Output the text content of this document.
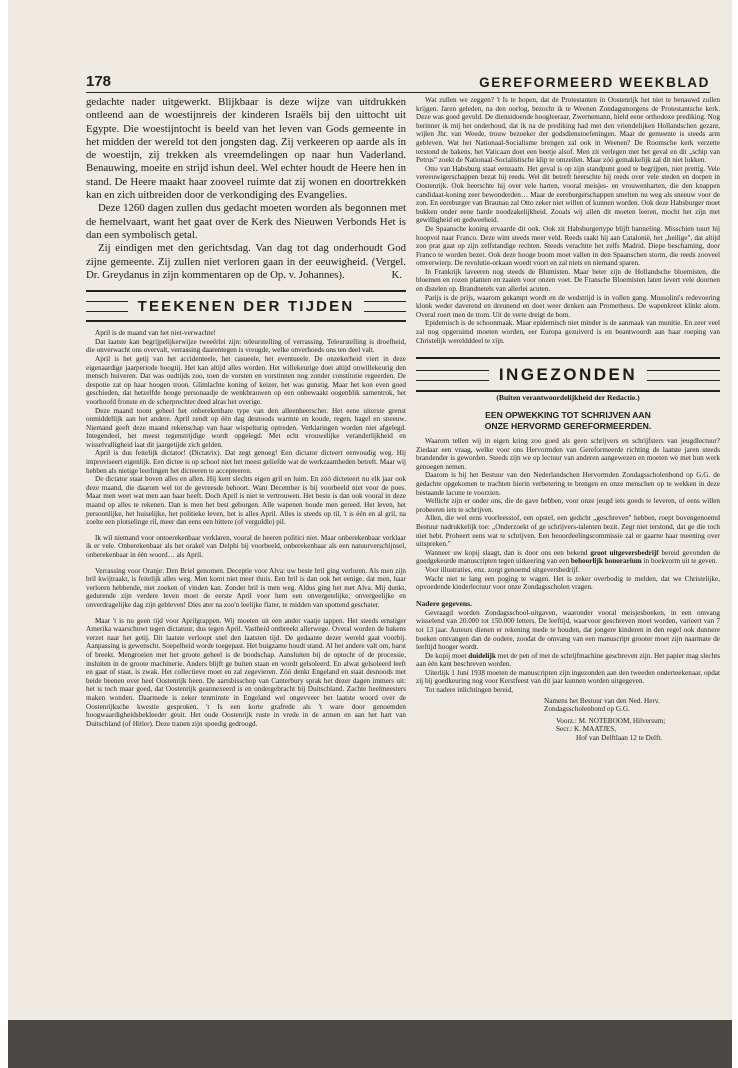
178	GEREFORMEERD WEEKBLAD

gedachte nader uitgewerkt. Blijkbaar is deze wijze van uitdrukken ontleend aan de woestijnreis der kinderen Israëls bij den uittocht uit Egypte. Die woestijntocht is beeld van het leven van Gods gemeente in het midden der wereld tot den jongsten dag. Zij verkeeren op aarde als in de woestijn, zij trekken als vreemdelingen op naar hun Vaderland. Benauwing, moeite en strijd ishun deel. Wel echter houdt de Heere hen in stand. De Heere maakt haar zooveel ruimte dat zij wonen en doortrekken kan en zich uitbreiden door de verkondiging des Evangelies.

Deze 1260 dagen zullen dus gedacht moeten worden als begonnen met de hemelvaart, want het gaat over de Kerk des Nieuwen Verbonds Het is dan een symbolisch getal.

Zij eindigen met den gerichtsdag. Van dag tot dag onderhoudt God zijne gemeente. Zij zullen niet verloren gaan in der eeuwigheid. (Vergel. Dr. Greydanus in zijn kommentaren op de Op. v. Johannes).	K.
TEEKENEN DER TIJDEN

April is de maand van het niet-verwachte!

Dat laatste kan begrijpelijkerwijze tweeërlei zijn: teleurstelling of verrassing. Teleurstelling is droefheid, die onverwacht ons overvalt, verrassing daarentegen is vreugde, welke onverhoeds ons ten deel valt.

April is het getij van het accidenteele, het casueele, het eventueele. De onzekerheid viert in deze eigenaardige jaarperiode hoogtij. Het kan altijd alles worden. Het willekeurige doet altijd onwillekeurig den mensch huiveren. Dat was oudtijds zoo, toen de vorsten en vorstinnen nog zonder constitutie regeerden. De despotie zat op haar hoogen troon. Glimlachte koning of keizer, het was gunstig. Maar het kon even goed geschieden, dat hetzelfde hooge personaadje de wenkbrauwen op een onbewaakt oogenblik samentrok, het voorhoofd fronste en de scherprechter deed alras het overige.

Deze maand toont geheel het onberekenbare type van den alleenheerscher. Het eene uiterste grenst onmiddellijk aan het andere. April zendt op één dag desnoods warmte en koude, regen, hagel en sneeuw. Niemand geeft deze maand rekenschap van haar wispelturig optreden. Verklaringen worden niet afgelegd. Integendeel, het meest tegenstrijdige wordt opgelegd. Met echt vrouwelijke veranderlijkheid en wisselvalligheid laat dit jaargetijde zich gelden.

April is dus feitelijk dictator! (Dictatrix). Dat zegt genoeg! Een dictator dicteert eenvoudig weg. Hij improviseert eigenlijk. Een dictee is op school niet het meest geliefde wat de werkzaamheden betreft. Maar wij hebben als nietige leerlingen het dicteeren te accepteeren.

De dictator staat boven alles en allen. Hij kent slechts eigen gril en luim. En zóó dicteteert nu elk jaar ook deze maand, die daarom wel tot de gevreesde behoort. Want December is bij voorbeeld niet voor de poes. Maar men weet wat men aan haar heeft. Doch April is niet te vertrouwen. Het beste is dan ook vooral in deze maand op alles te rekenen. Dan is men het best geborgen. Alle wapenen houde men gereed. Het leven, het persoonlijke, het huiselijke, het politieke leven, het is alles April. Alles is steeds op til, 't is één en al gril, na zoelte een plotselinge ril, meer dan eens een bittere (of verguldle) pil.

Ik wil niemand voor ontoerekenbaar verklaren, vooral de heeren politici niet. Maar onberekenbaar verklaar ik er vele. Onberekenbaar als het orakel van Delphi bij voorbeeld, onberekenbaar als een natuurverschijnsel, onberekenbaar in één woord… als April.

Verrassing voor Oranje: Den Briel genomen. Deceptie voor Alva: uw beste bril ging verloren. Als men zijn bril kwijtraakt, is feitelijk alles weg. Men komt niet meer thuis. Een bril is dan ook het eenige, dat men, haar verloren hebbende, niet zoeken of vinden kan. Zonder bril is men weg. Aldus ging het met Alva. Mij dunkt, gedurende zijn verdere leven moet de eerste April voor hem een onvergetelijke, onvergeelijke en onverdragelijke dag zijn gebleven! Dies ater na zoo'n leelijke flater, te midden van spottend geschater.

Maar 't is nu geen tijd voor Aprilgrappen. Wij moeten uit een ander vaatje tappen. Het steeds ernstiger Amerika waarschuwt tegen dictatuur, dus tegen April. Vastheid ontbreekt allerwege. Overal worden de bakens verzet naar het getij. Dit laatste verloopt snel den laatsten tijd. De gedaante dezer wereld gaat voorbij. Aanpassing is gewenscht. Soepelheid worde toegepast. Het buigzame houdt stand. Al het andere valt om, barst of breekt. Mengroeien met het groote geheel is de boodschap. Aansluiten bij de optocht of de processie, insluiten in de groote machinerie. Anders blijft ge buiten staan en wordt gelsoleerd. En alwat gelsoleerd leeft en gaat of staat, is zwak. Het collectieve moet en zal zegevieren. Zóó denkt Engeland en staat desnoods met beide beenen over heel Oostenrijk heen. De aartsbisschop van Canterbury sprak het dezer dagen immers uit: het is toch maar goed, dat Oostenrijk geannexeerd is en ondergebracht bij Duitschland. Zachte heelmeesters maken wonden. Daarmede is zeker tenminste in Engeland wel ongevveer het laatste woord over de Oostenrijksche kwestie gesproken. 't Is een korte grafrede als 't ware door genoemden hoogwaardigheidsbekleeder geuit. Het oude Oostenrijk ruste in vrede in de armen en aan het hart van Duitschland (of Hitler). Deze tranen zijn spoedig gedroogd.

Wat zullen we zeggen? 't Is te hopen, dat de Protestanten in Oostenrijk het niet te benauwd zullen krijgen. Jaren geleden, na den oorlog, bezocht ik te Weenen Zondagsmorgens de Protestantsche kerk. Deze was goed gevuld. De dienstdoende hoogleeraar, Zwernemann, hield eene orthodoxe prediking. Nog herinner ik mij het onderhoud, dat ik na de prediking had met den vriendelijken Hollandschen gezant, wijlen Jhr. van Weede, trouw bezoeker der godsdienstoefeningen. Maar de gemeente is steeds arm gebleven. Wat het Nationaal-Socialisme brengen zal ook in Weenen? De Roomsche kerk verzette terstond de bakens, het Vaticaan doet een beetje alsof. Men zit verlegen met het geval en dit „schip van Petrus" zoekt de Nationaal-Socialistische klip te omzeilen. Maar zóó gemakkelijk zal dit niet lukken.

Otto van Habsburg staat eenzaam. Het geval is op zijn standpunt goed te begrijpen, niet prettig. Vele vereeuwigerschappen bezat hij reeds. Wel dit betreft heerschte hij reeds over vele steden en dorpen in Oostenrijk. Ook heerschte hij over vele harten, vooral meisjes- en vrouwenharten, die den knappen candidaat-koning zeer bewonderden… Maar de eereburgerschappen smelten nu weg als sneeuw voor de zon. En eereburger van Braunau zal Otto zeker niet willen of kunnen worden. Ook deze Habsburger moet bukken onder eene harde noodzakelijkheid. Zooals wij allen dit moeten leeren, mocht het zijn met gewilligheid en gedweeheid.

De Spaansche koning ervaarde dit ook. Ook zit Habsburgertype blijft banneling. Misschien tuurt hij hoopvol naar Franco. Deze wint steeds meer veld. Reeds raakt hij aan Catalonië, het „heilige", dat altijd zoo prat gaat op zijn zelfstandige rechten. Steeds verachtte het zelfs Madrid. Diepe beschaming, door Franco te worden bezet. Ook deze hooge boom moet vallen in den Spaanschen storm, die reeds zooveel omverwierp. De revolutie-orkaan woedt voort en zal niets en niemand sparen.

In Frankrijk laveeren nog steeds de Blumisten. Maar beter zijn de Hollandsche bloemisten, die bloemen en rozen planten en zaaien voor onzen voet. De Fransche Bloemisten laten levert vele doornen en distelen op. Brandnetels van allerlei acuten.

Parijs is de prijs, waarom gekampt wordt en de wedstrijd is in vollen gang. Mussolini's redevoering klonk weder daverend en dreunend en doet weer denken aan Prometheus. De wapenkreet klinkt alom. Overal roert men de trom. Uit de verte dreigt de bom.

Epidemisch is de schoonmaak. Maar epidemisch niet minder is de aanmaak van munitie. En zeer veel zal nog opgeruimd moeten worden, eer Europa gezuiverd is en beantwoordt aan haar roeping van Christelijk wereldddeel te zijn.

INGEZONDEN
(Buiten verantwoordelijkheid der Redactie.)
EEN OPWEKKING TOT SCHRIJVEN AAN
ONZE HERVORMD GEREFORMEERDEN.

Waarom tellen wij in eigen kring zoo goed als geen schrijvers en schrijfsters van jeugdlectuur? Ziedaar een vraag, welke voor ons Hervormden van Gereformeerde richting de laatste jaren steeds brandender is geworden. Steeds zijn we op lectuur van anderen aangewezen en moeten we met hun werk genoegen nemen.

Daarom is bij het Bestuur van den Nederlandschen Hervormden Zondagsscholenbond op G.G. de gedachte opgekomen te trachten hierin verbetering te brengen en onze menschen op te wekken in deze bestaande lacune te voorzien.

Wellicht zijn er onder ons, die de gave hebben, voor onze jeugd iets goeds te leveren, of eens willen probeeren iets te schrijven.

Allen, die wel eens voorleesstof, een opstel, een gedicht „geschreven" hebben, roept bovengenoemd Bestuur nadrukkelijk toe: „Onderzoekt of ge schrijvers-talenten bezit. Zegt niet terstond, dat ge die toch niet hebt. Probeert eens wat te schrijven. Een beoordeelingscommissie zal er gaarne haar meening over uitspreken."

Wanneer uw kopij slaagt, dan is door ons een bekend groot uitgeversbedrijf bereid gevonden de goedgekeurde manuscripten tegen uitkeering van een behoorlijk honorarium in boekvorm uit te geven.

Voor illustraties, enz. zorgt genoemd uitgeversbedrijf.

Wacht niet te lang een poging te wagen. Het is zeker overbodig te melden, dat we Christelijke, opvoedende kinderlectuur voor onze Zondagsscholen vragen.

Nadere gegevens.

Gevraagd worden Zondagsschool-uitgaven, waaronder vooral meisjesboeken, in een omvang wisselend van 20.000 tot 150.000 letters. De leeftijd, waarvoor geschreven moet worden, varieert van 7 tot 13 jaar. Auteurs dienen er rekening mede te houden, dat jongere kinderen in den regel ook dunnere boeken ontvangen dan de oudere, zoodat de omvang van een manuscript grooter moet zijn naarmate de leeftijd hooger wordt.

De kopij moet duidelijk met de pen of met de schrijfmachine geschreven zijn. Het papier mag slechts aan één kant beschreven worden.

Uiterlijk 1 Juni 1938 moeten de manuscripten zijn ingezonden aan den tweeden onderteekenaar, opdat zij bij goedkeuring nog voor Kerstfeest van dit jaar kunnen worden uitgegeven.

Tot nadere inlichtingen bereid,

Namens het Bestuur van den Ned. Herv.
Zondagsscholenbond op G.G.
Voorz.: M. NOTEBOOM, Hilversum;
Secr.: K. MAATJES,
Hof van Delftlaan 12 te Delft.
